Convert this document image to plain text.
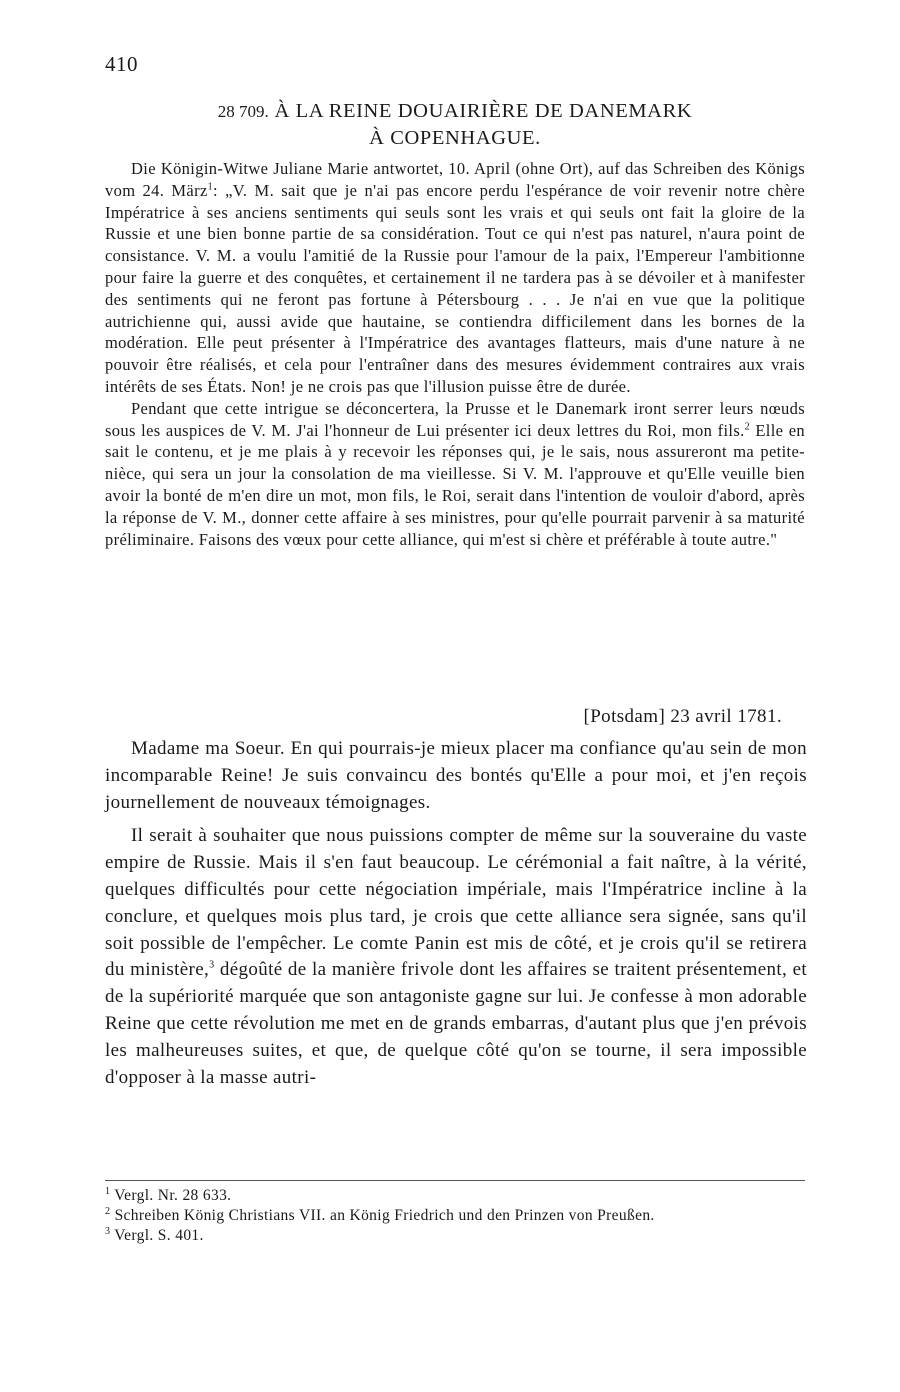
410
28 709. À LA REINE DOUAIRIÈRE DE DANEMARK
À COPENHAGUE.

Die Königin-Witwe Juliane Marie antwortet, 10. April (ohne Ort), auf das Schreiben des Königs vom 24. März$^1$: „V. M. sait que je n'ai pas encore perdu l'espérance de voir revenir notre chère Impératrice à ses anciens sentiments qui seuls sont les vrais et qui seuls ont fait la gloire de la Russie et une bien bonne partie de sa considération. Tout ce qui n'est pas naturel, n'aura point de consistance. V. M. a voulu l'amitié de la Russie pour l'amour de la paix, l'Empereur l'ambitionne pour faire la guerre et des conquêtes, et certainement il ne tardera pas à se dévoiler et à manifester des sentiments qui ne feront pas fortune à Pétersbourg . . . Je n'ai en vue que la politique autrichienne qui, aussi avide que hautaine, se contiendra difficilement dans les bornes de la modération. Elle peut présenter à l'Impératrice des avantages flatteurs, mais d'une nature à ne pouvoir être réalisés, et cela pour l'entraîner dans des mesures évidemment contraires aux vrais intérêts de ses États. Non! je ne crois pas que l'illusion puisse être de durée.

Pendant que cette intrigue se déconcertera, la Prusse et le Danemark iront serrer leurs nœuds sous les auspices de V. M. J'ai l'honneur de Lui présenter ici deux lettres du Roi, mon fils.$^2$ Elle en sait le contenu, et je me plais à y recevoir les réponses qui, je le sais, nous assureront ma petite-nièce, qui sera un jour la consolation de ma vieillesse. Si V. M. l'approuve et qu'Elle veuille bien avoir la bonté de m'en dire un mot, mon fils, le Roi, serait dans l'intention de vouloir d'abord, après la réponse de V. M., donner cette affaire à ses ministres, pour qu'elle pourrait parvenir à sa maturité préliminaire. Faisons des vœux pour cette alliance, qui m'est si chère et préférable à toute autre."

[Potsdam] 23 avril 1781.

Madame ma Soeur. En qui pourrais-je mieux placer ma confiance qu'au sein de mon incomparable Reine! Je suis convaincu des bontés qu'Elle a pour moi, et j'en reçois journellement de nouveaux témoignages.

Il serait à souhaiter que nous puissions compter de même sur la souveraine du vaste empire de Russie. Mais il s'en faut beaucoup. Le cérémonial a fait naître, à la vérité, quelques difficultés pour cette négociation impériale, mais l'Impératrice incline à la conclure, et quelques mois plus tard, je crois que cette alliance sera signée, sans qu'il soit possible de l'empêcher. Le comte Panin est mis de côté, et je crois qu'il se retirera du ministère,$^3$ dégoûté de la manière frivole dont les affaires se traitent présentement, et de la supériorité marquée que son antagoniste gagne sur lui. Je confesse à mon adorable Reine que cette révolution me met en de grands embarras, d'autant plus que j'en prévois les malheureuses suites, et que, de quelque côté qu'on se tourne, il sera impossible d'opposer à la masse autri-

$^1$ Vergl. Nr. 28 633.

$^2$ Schreiben König Christians VII. an König Friedrich und den Prinzen von Preußen.

$^3$ Vergl. S. 401.
